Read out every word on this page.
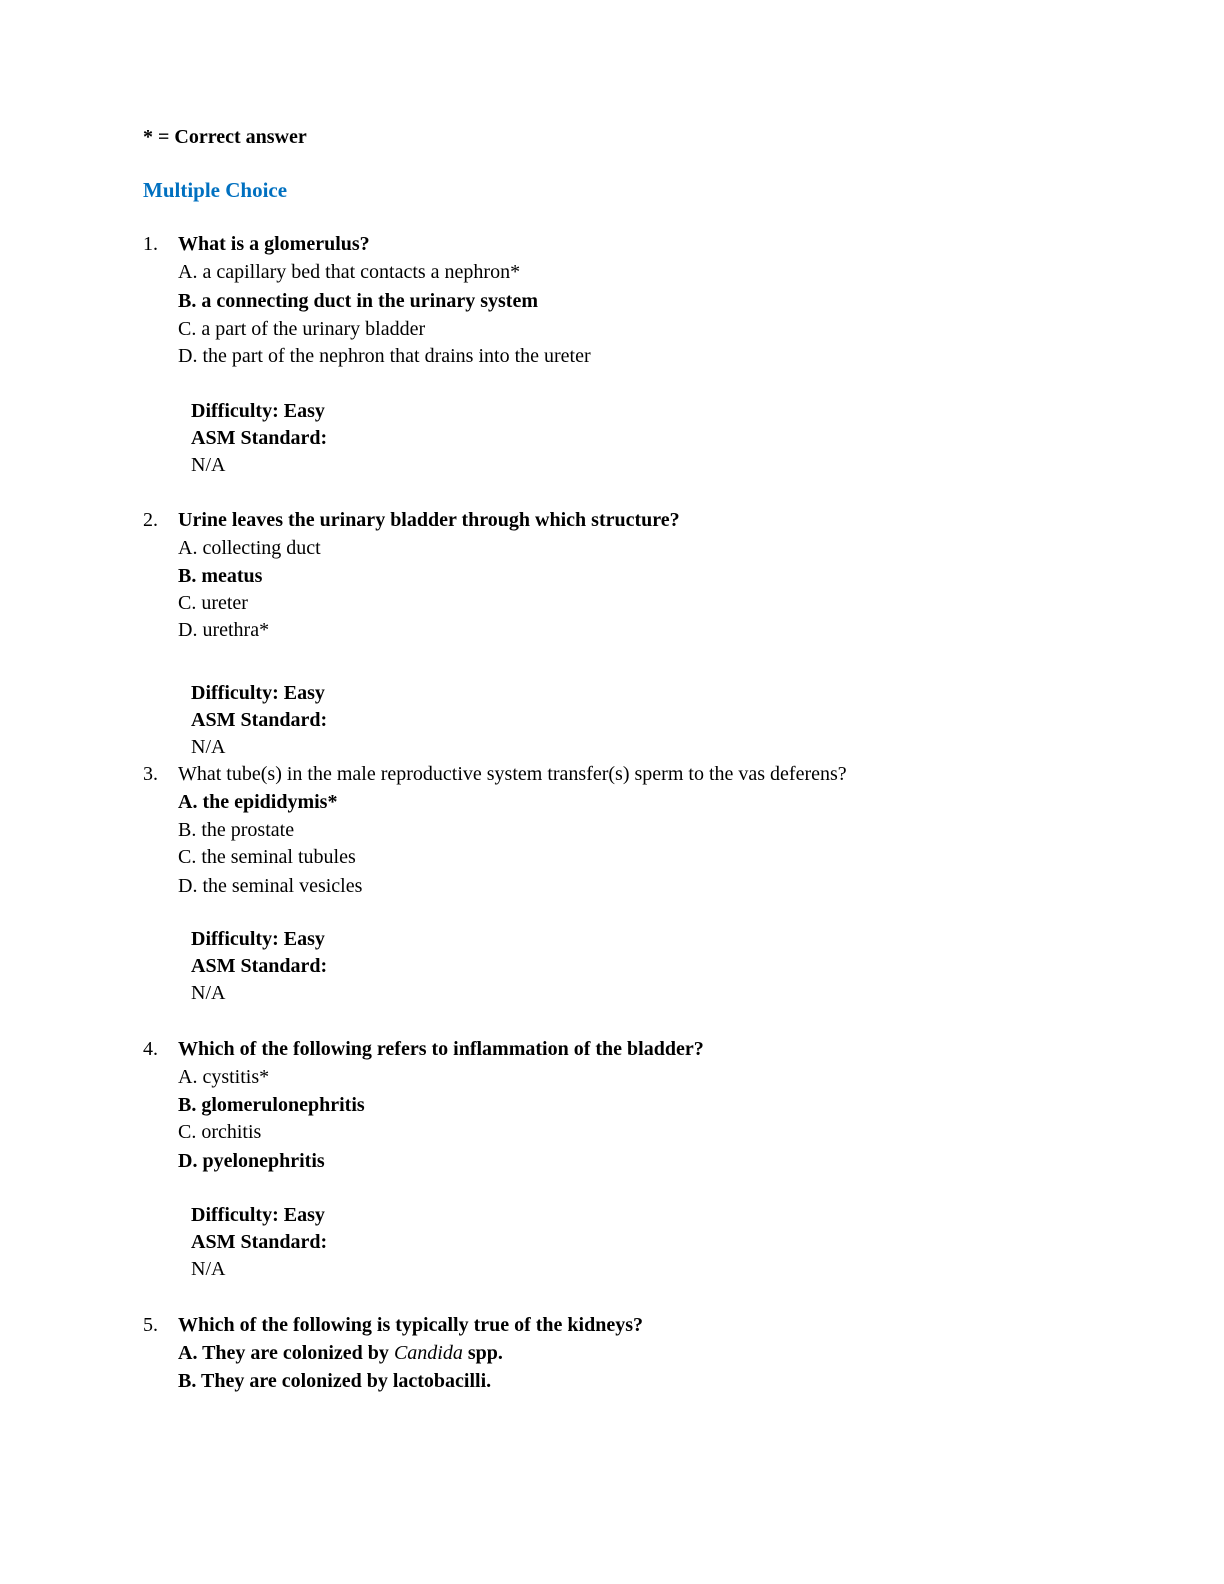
* = Correct answer
Multiple Choice
1. What is a glomerulus?
A. a capillary bed that contacts a nephron*
B. a connecting duct in the urinary system
C. a part of the urinary bladder
D. the part of the nephron that drains into the ureter
Difficulty: Easy
ASM Standard:
N/A
2. Urine leaves the urinary bladder through which structure?
A. collecting duct
B. meatus
C. ureter
D. urethra*
Difficulty: Easy
ASM Standard:
N/A
3. What tube(s) in the male reproductive system transfer(s) sperm to the vas deferens?
A. the epididymis*
B. the prostate
C. the seminal tubules
D. the seminal vesicles
Difficulty: Easy
ASM Standard:
N/A
4. Which of the following refers to inflammation of the bladder?
A. cystitis*
B. glomerulonephritis
C. orchitis
D. pyelonephritis
Difficulty: Easy
ASM Standard:
N/A
5. Which of the following is typically true of the kidneys?
A. They are colonized by Candida spp.
B. They are colonized by lactobacilli.
